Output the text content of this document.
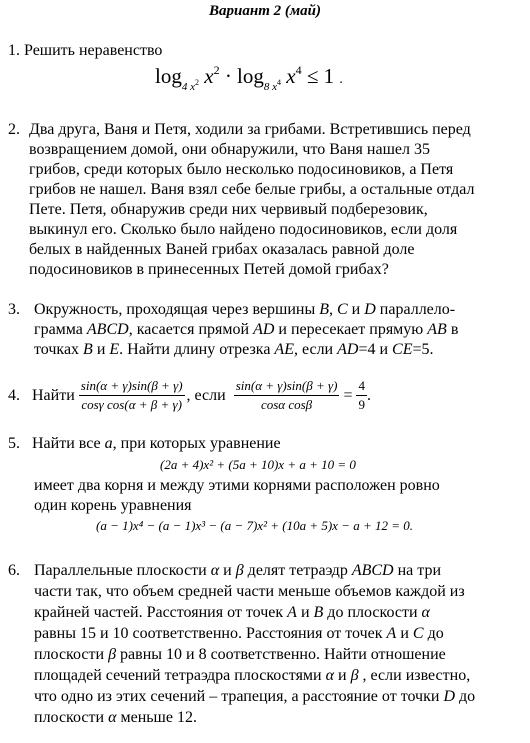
Вариант 2 (май)
1. Решить неравенство
$\log_{4 x^2} x^2 \cdot \log_{8 x^4} x^4 \le 1$ .
2. Два друга, Ваня и Петя, ходили за грибами. Встретившись перед
возвращением домой, они обнаружили, что Ваня нашел 35
грибов, среди которых было несколько подосиновиков, а Петя
грибов не нашел. Ваня взял себе белые грибы, а остальные отдал
Пете. Петя, обнаружив среди них червивый подберезовик,
выкинул его. Сколько было найдено подосиновиков, если доля
белых в найденных Ваней грибах оказалась равной доле
подосиновиков в принесенных Петей домой грибах?
3. Окружность, проходящая через вершины B, C и D параллело-
грамма ABCD, касается прямой AD и пересекает прямую AB в
точках B и E. Найти длину отрезка AE, если AD=4 и CE=5.
4. Найти $\frac{\sin(\alpha + \gamma)\sin(\beta + \gamma)}{\text{cosγ cos(α + β + γ)}}$ , если $\frac{\sin(\alpha + \gamma)\sin(\beta + \gamma)}{\text{cosα cosβ}} = \frac{4}{9}$ .
5. Найти все a, при которых уравнение
(2a + 4)x² + (5a + 10)x + a + 10 = 0
имеет два корня и между этими корнями расположен ровно
один корень уравнения
(a − 1)x⁴ − (a − 1)x³ − (a − 7)x² + (10a + 5)x − a + 12 = 0.
6. Параллельные плоскости α и β делят тетраэдр ABCD на три
части так, что объем средней части меньше объемов каждой из
крайней частей. Расстояния от точек A и B до плоскости α
равны 15 и 10 соответственно. Расстояния от точек A и C до
плоскости β равны 10 и 8 соответственно. Найти отношение
площадей сечений тетраэдра плоскостями α и β , если известно,
что одно из этих сечений – трапеция, а расстояние от точки D до
плоскости α меньше 12.
